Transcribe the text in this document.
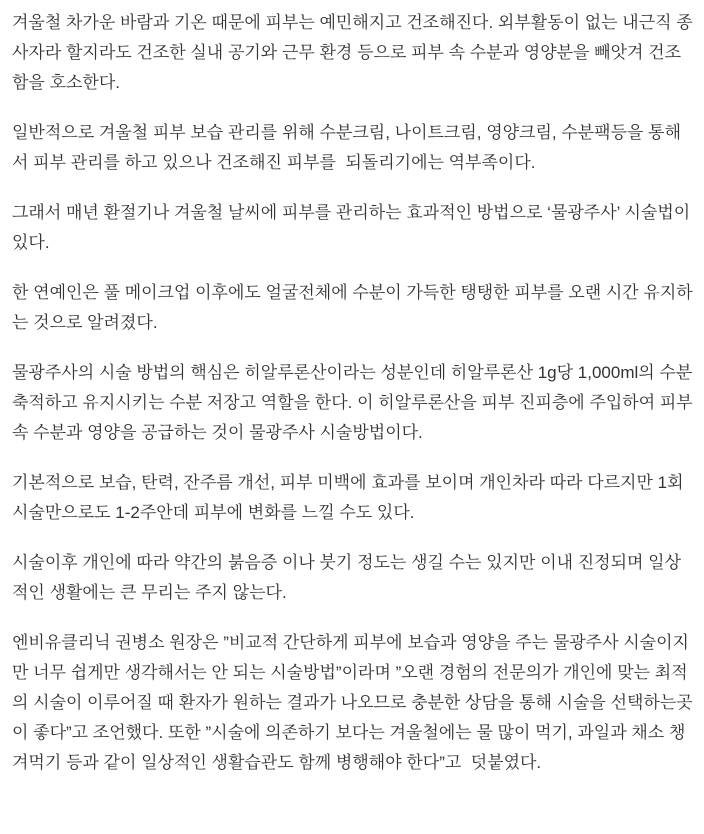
겨울철 차가운 바람과 기온 때문에 피부는 예민해지고 건조해진다. 외부활동이 없는 내근직 종사자라 할지라도 건조한 실내 공기와 근무 환경 등으로 피부 속 수분과 영양분을 빼앗겨 건조함을 호소한다.

일반적으로 겨울철 피부 보습 관리를 위해 수분크림, 나이트크림, 영양크림, 수분팩등을 통해서 피부 관리를 하고 있으나 건조해진 피부를  되돌리기에는 역부족이다.

그래서 매년 환절기나 겨울철 날씨에 피부를 관리하는 효과적인 방법으로 ‘물광주사’ 시술법이 있다.

한 연예인은 풀 메이크업 이후에도 얼굴전체에 수분이 가득한 탱탱한 피부를 오랜 시간 유지하는 것으로 알려졌다.

물광주사의 시술 방법의 핵심은 히알루론산이라는 성분인데 히알루론산 1g당 1,000ml의 수분축적하고 유지시키는 수분 저장고 역할을 한다. 이 히알루론산을 피부 진피층에 주입하여 피부속 수분과 영양을 공급하는 것이 물광주사 시술방법이다.

기본적으로 보습, 탄력, 잔주름 개선, 피부 미백에 효과를 보이며 개인차라 따라 다르지만 1회 시술만으로도 1-2주안데 피부에 변화를 느낄 수도 있다.

시술이후 개인에 따라 약간의 붉음증 이나 붓기 정도는 생길 수는 있지만 이내 진정되며 일상적인 생활에는 큰 무리는 주지 않는다.

엔비유클리닉 권병소 원장은 ”비교적 간단하게 피부에 보습과 영양을 주는 물광주사 시술이지만 너무 쉽게만 생각해서는 안 되는 시술방법”이라며 ”오랜 경험의 전문의가 개인에 맞는 최적의 시술이 이루어질 때 환자가 원하는 결과가 나오므로 충분한 상담을 통해 시술을 선택하는곳이 좋다”고 조언했다. 또한 ”시술에 의존하기 보다는 겨울철에는 물 많이 먹기, 과일과 채소 챙겨먹기 등과 같이 일상적인 생활습관도 함께 병행해야 한다”고  덧붙였다.
